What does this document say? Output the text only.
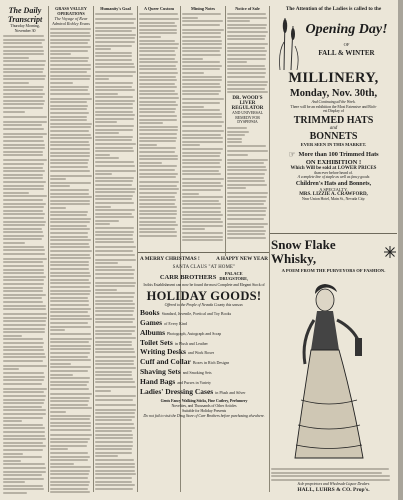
The Daily Transcript
Thursday Morning, November 30
GRASS VALLEY OPERATIONS
The Voyage of Rear Admiral Robley Evans
Humanity's Goal	A Queer Custom	Mining Notes	Notice of Sale
DR. WOOD'S LIVER REGULATOR
AND UNIVERSAL REMEDY FOR DYSPEPSIA
A MERRY CHRISTMAS !	A HAPPY NEW YEAR
SANTA CLAUS "AT HOME"
CARR BROTHERS
PALACE
DRUGSTORE,
In this Establishment can now be found the most Complete and Elegant Stock of
HOLIDAY GOODS!
Offered to the People of Nevada County this season.
Books Standard, Juvenile, Poetical and Toy Books
Games of Every Kind
Albums Photograph, Autograph and Scrap
Toilet Sets in Plush and Leather
Writing Desks and Work Boxes
Cuff and Collar Boxes in Rich Designs
Shaving Sets and Smoking Sets
Hand Bags and Purses in Variety
Ladies' Dressing Cases in Plush and Silver
Gents Fancy Walking Sticks, Fine Cutlery, Perfumery
Novelties, and Thousands of Other Articles
Suitable for Holiday Presents
Do not fail to visit the Drug Store of Carr Brothers before purchasing elsewhere.
The Attention of the Ladies is called to the
Opening Day!
OF
FALL & WINTER
MILLINERY,
Monday, Nov. 30th,
And Continuing all the Week.
There will be an exhibition the Most Extensive and Rich-
est Display of
TRIMMED HATS
and
BONNETS
EVER SEEN IN THIS MARKET.
☞ More than 100 Trimmed Hats
ON EXHIBITION !
Which Will be sold at LOWER PRICES
than ever before heard of.
A complete line of staple as well as fancy goods
Children's Hats and Bonnets,
A SPECIALTY.
MRS. LIZZIE A. CRAWFORD,
Near Union Hotel, Main St., Nevada City.
Snow Flake Whisky,
A POEM FROM THE PURVEYORS OF FASHION.
Sole proprietors and Wholesale Liquor Dealers
HALL, LUHRS & CO. Prop's.
